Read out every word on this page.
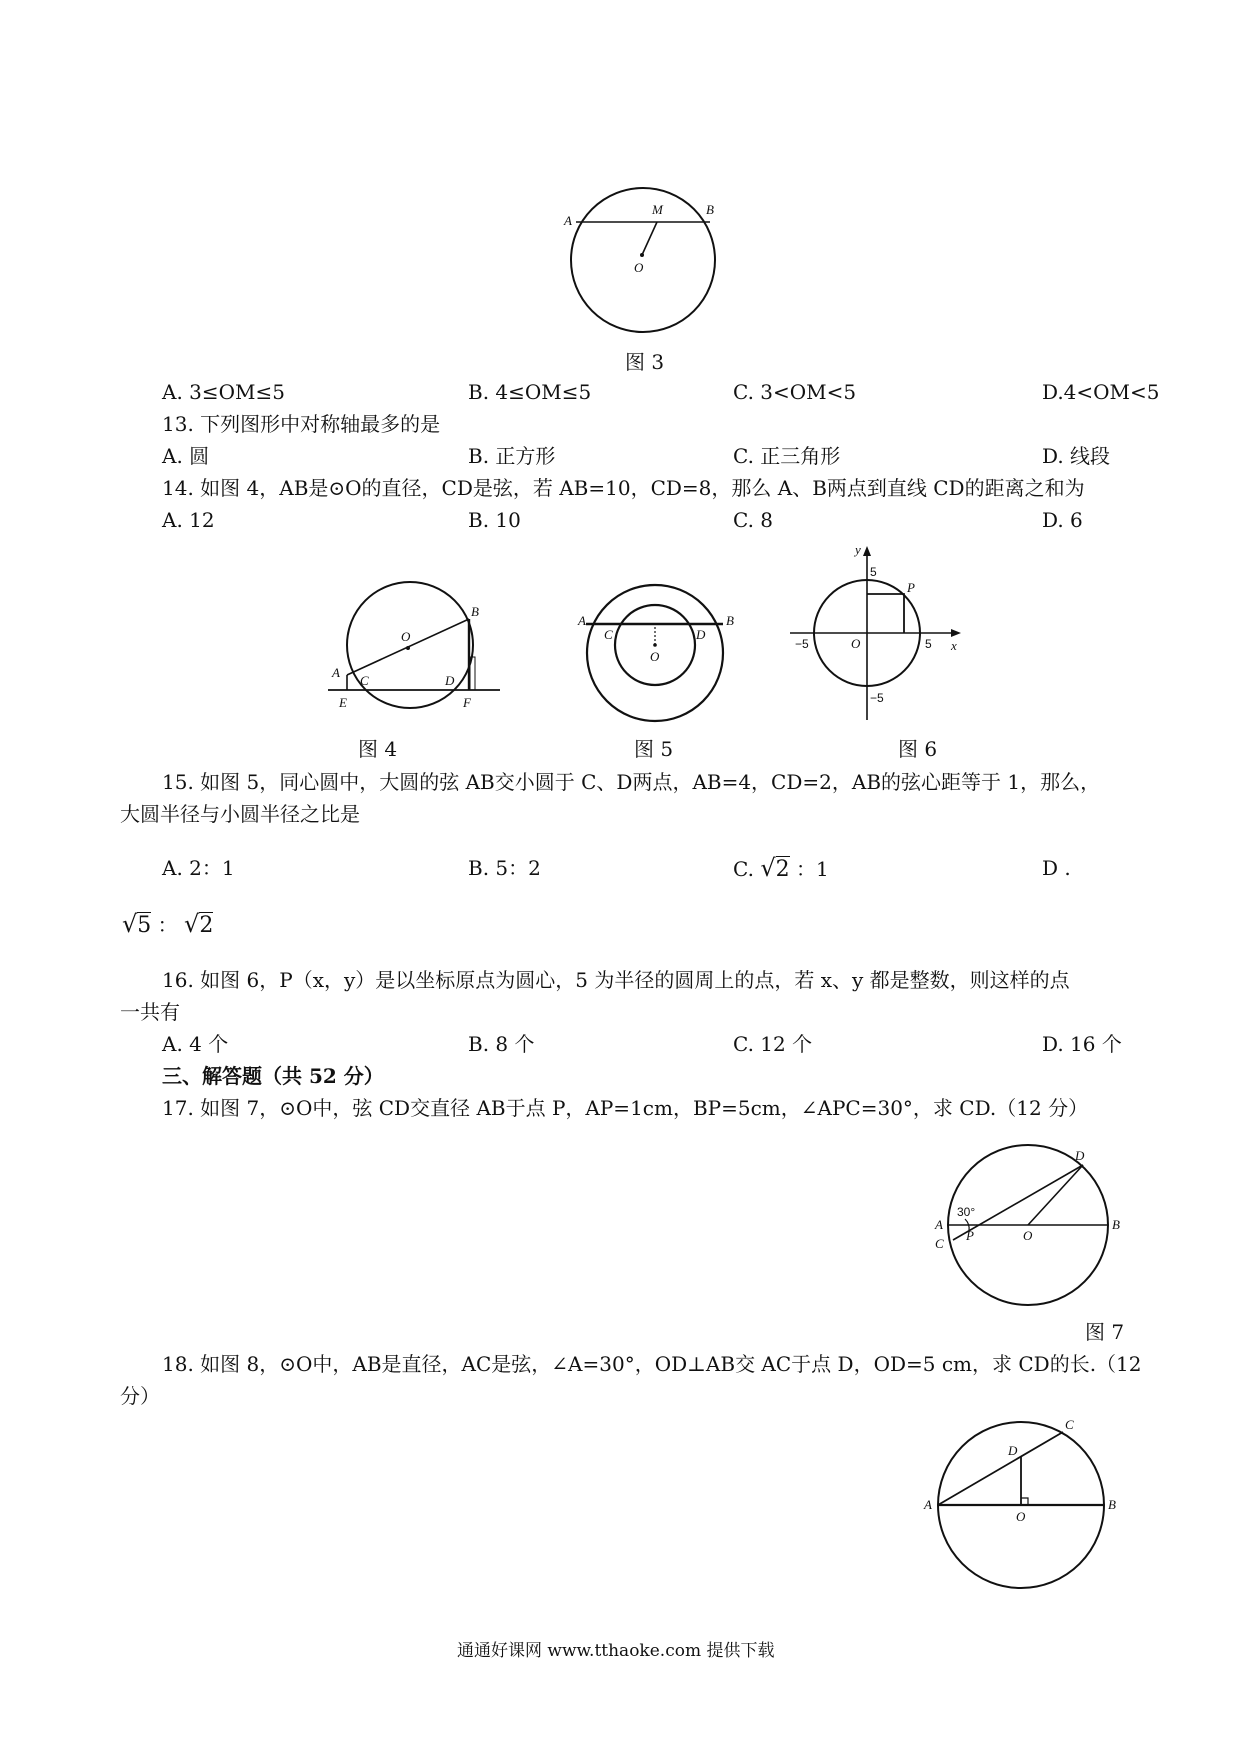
A
M	B
O
图 3
A. 3≤OM≤5	B. 4≤OM≤5	C. 3<OM<5	D.4<OM<5
13. 下列图形中对称轴最多的是
A. 圆	B. 正方形	C. 正三角形	D. 线段
14. 如图 4，AB是⊙O的直径，CD是弦，若 AB=10，CD=8，那么 A、B两点到直线 CD的距离之和为
A. 12	B. 10	C. 8	D. 6
A
B
C	D
E	F
O
图 4
A	B
C	D
O
图 5
y
x
P
O
5
−5	5
−5
图 6
15. 如图 5，同心圆中，大圆的弦 AB交小圆于 C、D两点，AB=4，CD=2，AB的弦心距等于 1，那么，
大圆半径与小圆半径之比是
A. 2：1	B. 5：2	C. √2 ：1	D .
√5 ： √2
16. 如图 6，P（x，y）是以坐标原点为圆心，5 为半径的圆周上的点，若 x、y 都是整数，则这样的点
一共有
A. 4 个	B. 8 个	C. 12 个	D. 16 个
三、解答题（共 52 分）
17. 如图 7，⊙O中，弦 CD交直径 AB于点 P，AP=1cm，BP=5cm，∠APC=30°，求 CD.（12 分）
D
A	B
C
P	O
30°
图 7
18. 如图 8，⊙O中，AB是直径，AC是弦，∠A=30°，OD⊥AB交 AC于点 D，OD=5 cm，求 CD的长.（12
分）
C
D
A	B
O
通通好课网 www.tthaoke.com 提供下载
